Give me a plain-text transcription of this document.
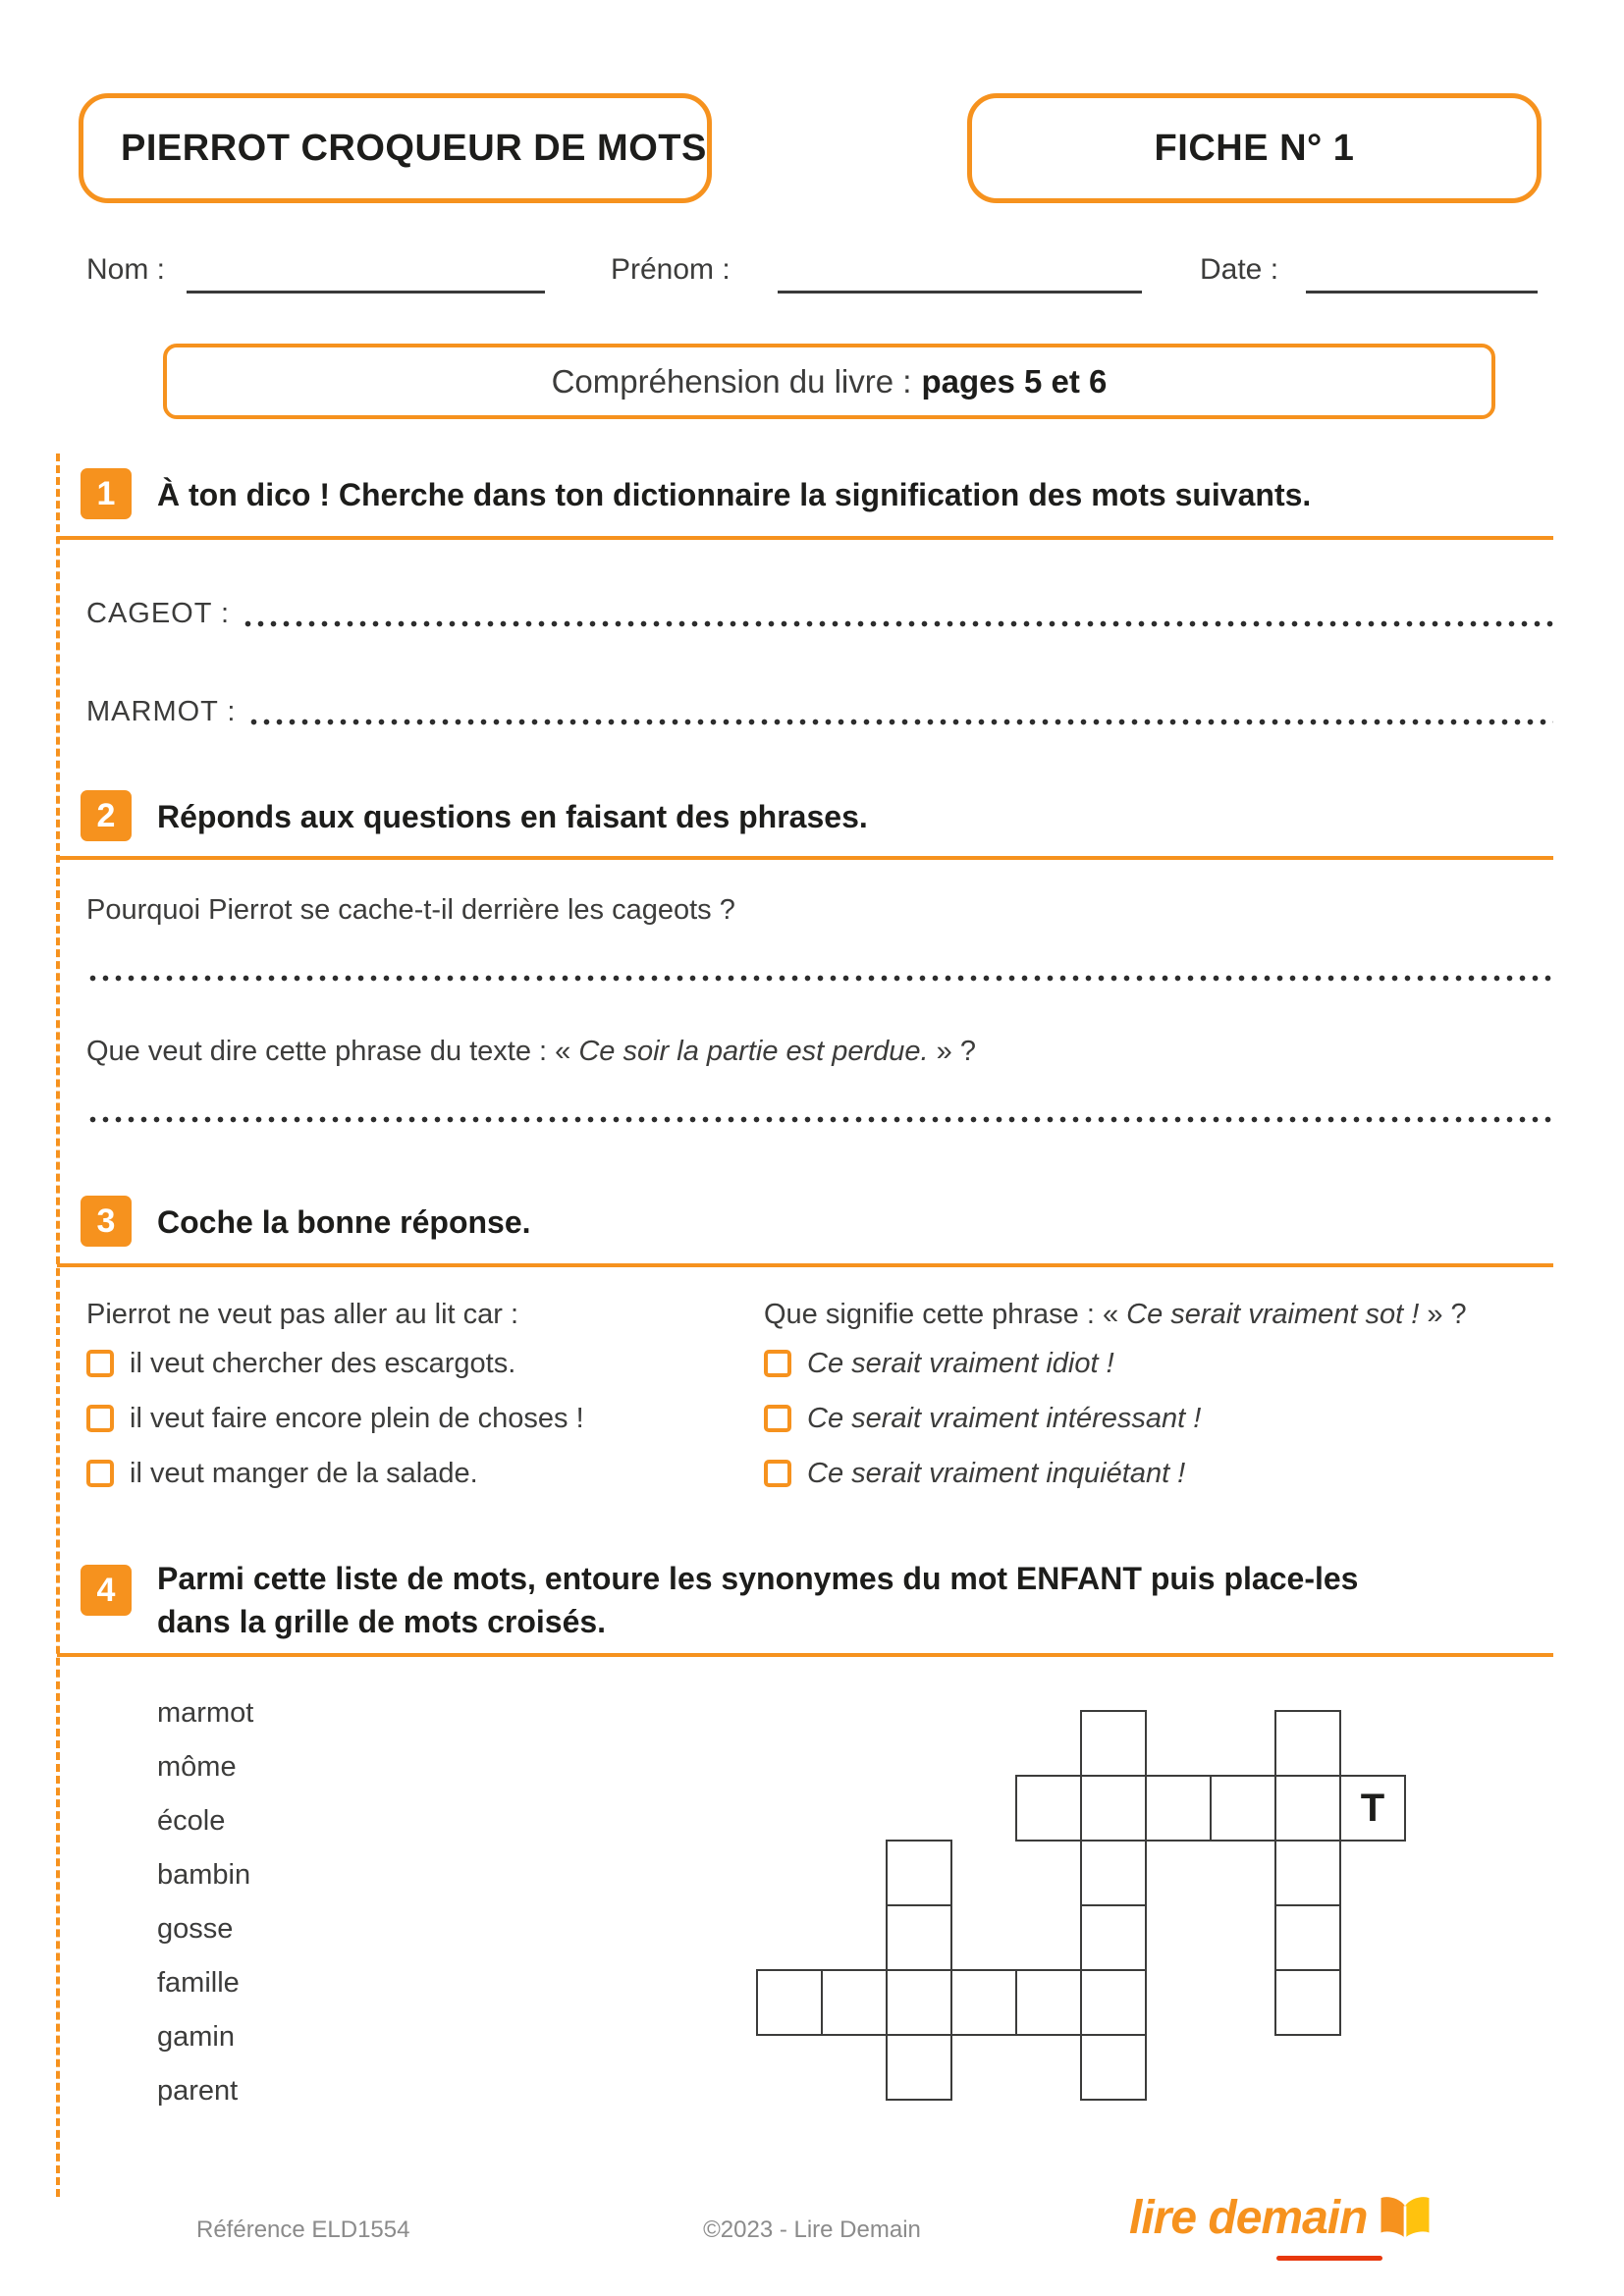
PIERROT CROQUEUR DE MOTS	FICHE N° 1
Nom :	Prénom :	Date :
Compréhension du livre : pages 5 et 6
1	À ton dico ! Cherche dans ton dictionnaire la signification des mots suivants.
CAGEOT :
MARMOT :
2	Réponds aux questions en faisant des phrases.
Pourquoi Pierrot se cache-t-il derrière les cageots ?
Que veut dire cette phrase du texte : « Ce soir la partie est perdue. » ?
3	Coche la bonne réponse.
Pierrot ne veut pas aller au lit car :	Que signifie cette phrase : « Ce serait vraiment sot ! » ?
il veut chercher des escargots.
il veut faire encore plein de choses !
il veut manger de la salade.
Ce serait vraiment idiot !
Ce serait vraiment intéressant !
Ce serait vraiment inquiétant !
4	Parmi cette liste de mots, entoure les synonymes du mot ENFANT puis place-les
dans la grille de mots croisés.
marmot
môme
école
bambin
gosse
famille
gamin
parent
T
Référence ELD1554	©2023 - Lire Demain	lire demain
